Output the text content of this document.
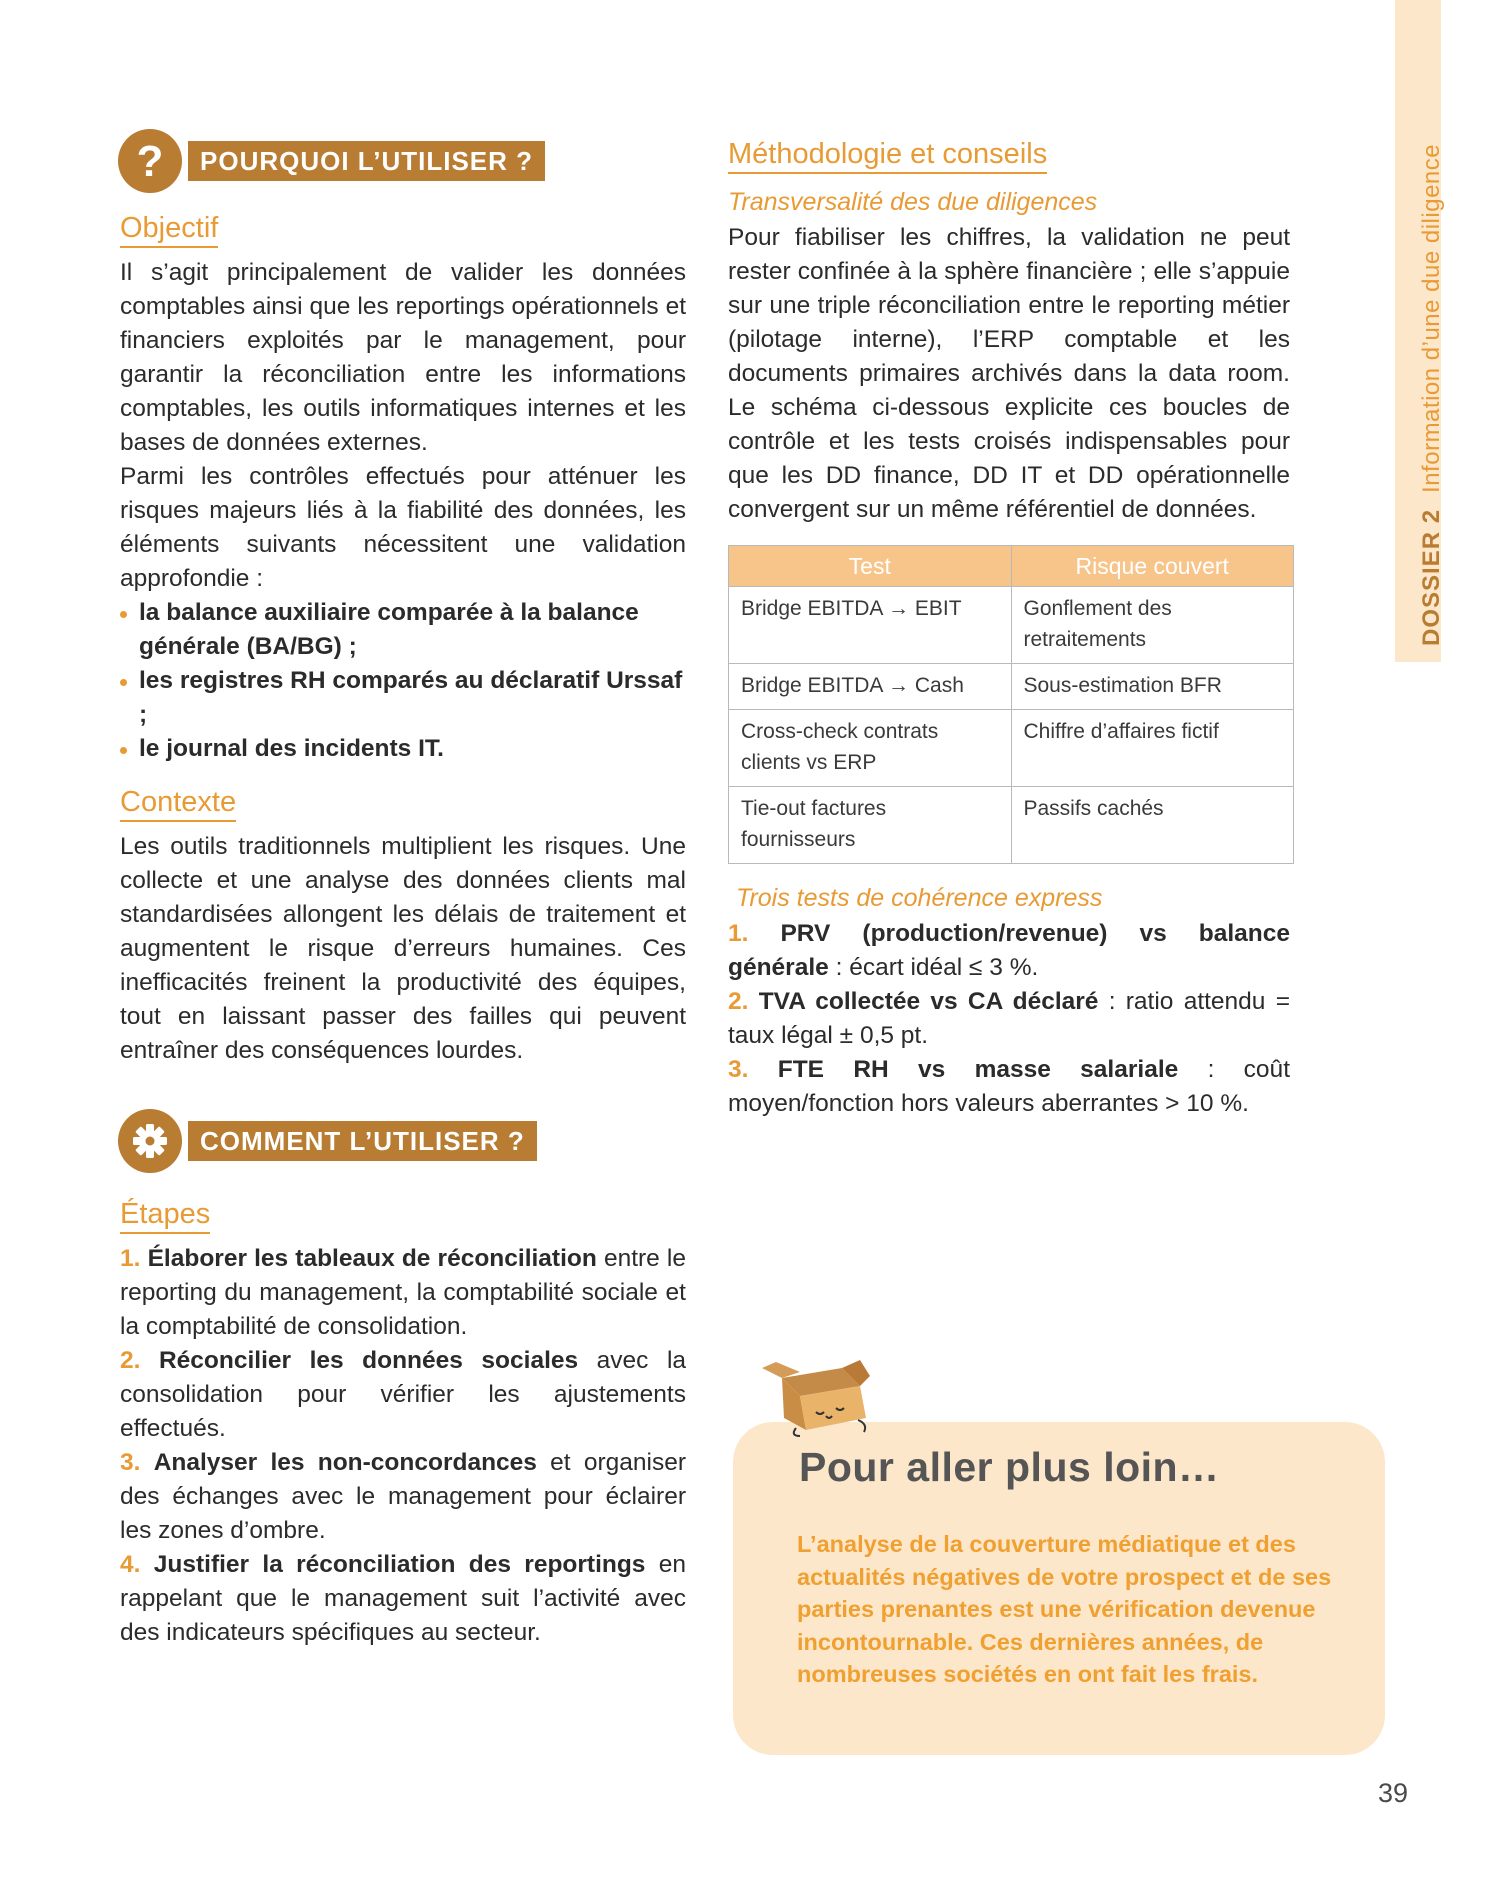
DOSSIER 2Information d’une due diligence
?	POURQUOI L’UTILISER ?
Objectif

Il s’agit principalement de valider les données comptables ainsi que les reportings opérationnels et financiers exploités par le management, pour garantir la réconciliation entre les informations comptables, les outils informatiques internes et les bases de données externes.

Parmi les contrôles effectués pour atténuer les risques majeurs liés à la fiabilité des données, les éléments suivants nécessitent une validation approfondie :

la balance auxiliaire comparée à la balance générale (BA/BG) ;
les registres RH comparés au déclaratif Urssaf ;
le journal des incidents IT.
Contexte

Les outils traditionnels multiplient les risques. Une collecte et une analyse des données clients mal standardisées allongent les délais de traitement et augmentent le risque d’erreurs humaines. Ces inefficacités freinent la productivité des équipes, tout en laissant passer des failles qui peuvent entraîner des conséquences lourdes.

COMMENT L’UTILISER ?
Étapes

1. Élaborer les tableaux de réconciliation entre le reporting du management, la comptabilité sociale et la comptabilité de consolidation.

2. Réconcilier les données sociales avec la consolidation pour vérifier les ajustements effectués.

3. Analyser les non-concordances et organiser des échanges avec le management pour éclairer les zones d’ombre.

4. Justifier la réconciliation des reportings en rappelant que le management suit l’activité avec des indicateurs spécifiques au secteur.

Méthodologie et conseils

Transversalité des due diligences

Pour fiabiliser les chiffres, la validation ne peut rester confinée à la sphère financière ; elle s’appuie sur une triple réconciliation entre le reporting métier (pilotage interne), l’ERP comptable et les documents primaires archivés dans la data room. Le schéma ci-dessous explicite ces boucles de contrôle et les tests croisés indispensables pour que les DD finance, DD IT et DD opérationnelle convergent sur un même référentiel de données.

Test	Risque couvert
Bridge EBITDA → EBIT	Gonflement des retraitements
Bridge EBITDA → Cash	Sous-estimation BFR
Cross-check contrats clients vs ERP	Chiffre d’affaires fictif
Tie-out factures fournisseurs	Passifs cachés

Trois tests de cohérence express

1. PRV (production/revenue) vs balance générale : écart idéal ≤ 3 %.

2. TVA collectée vs CA déclaré : ratio attendu = taux légal ± 0,5 pt.

3. FTE RH vs masse salariale : coût moyen/fonction hors valeurs aberrantes > 10 %.

Pour aller plus loin…

L’analyse de la couverture médiatique et des actualités négatives de votre prospect et de ses parties prenantes est une vérification devenue incontournable. Ces dernières années, de nombreuses sociétés en ont fait les frais.

39
